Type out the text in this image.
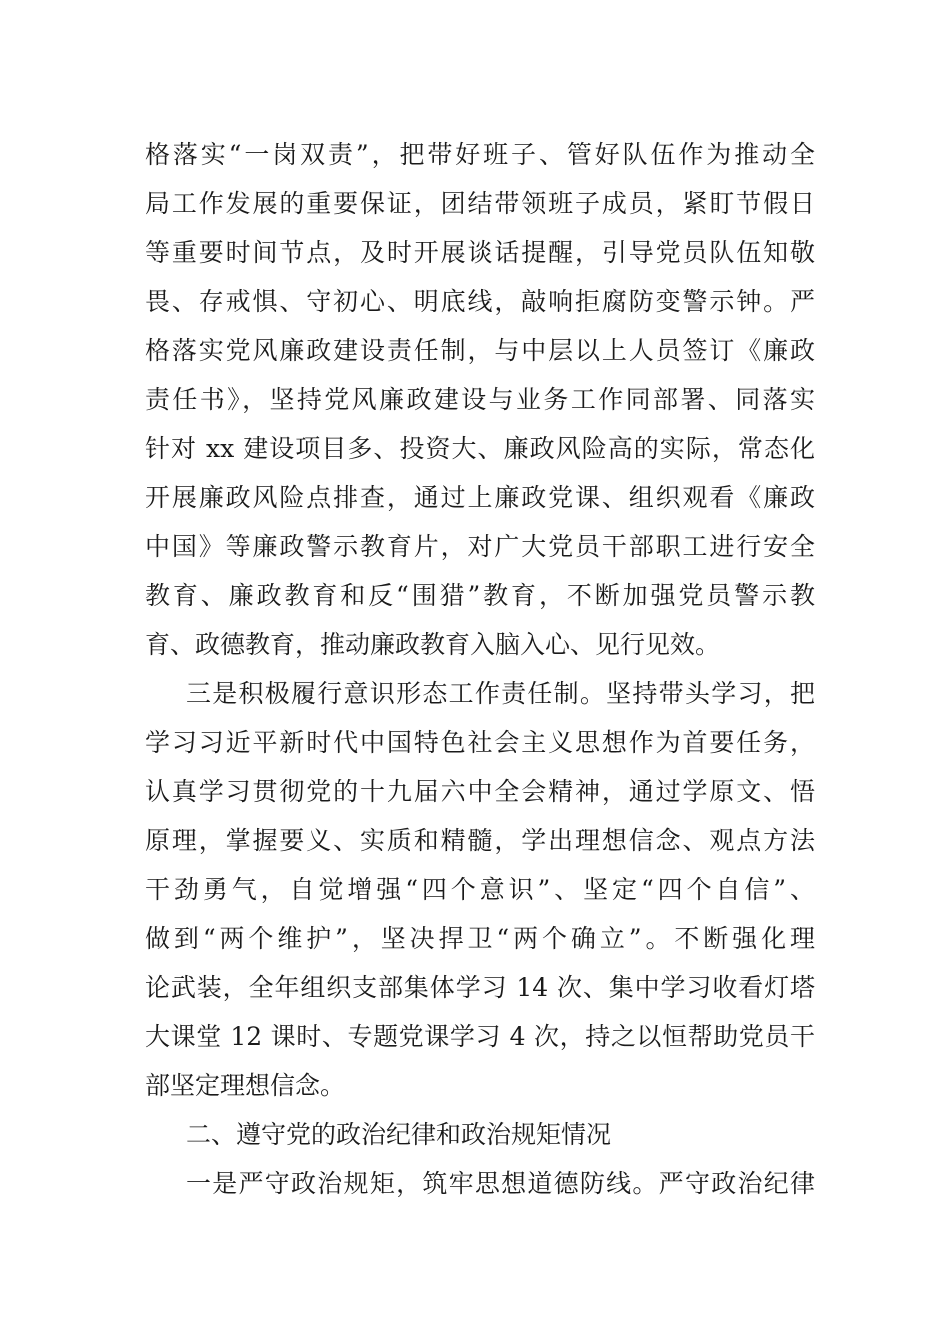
格落实“一岗双责”，把带好班子、管好队伍作为推动全
局工作发展的重要保证，团结带领班子成员，紧盯节假日
等重要时间节点，及时开展谈话提醒，引导党员队伍知敬
畏、存戒惧、守初心、明底线，敲响拒腐防变警示钟。严
格落实党风廉政建设责任制，与中层以上人员签订《廉政
责任书》，坚持党风廉政建设与业务工作同部署、同落实
针对 xx 建设项目多、投资大、廉政风险高的实际，常态化
开展廉政风险点排查，通过上廉政党课、组织观看《廉政
中国》等廉政警示教育片，对广大党员干部职工进行安全
教育、廉政教育和反“围猎”教育，不断加强党员警示教
育、政德教育，推动廉政教育入脑入心、见行见效。
三是积极履行意识形态工作责任制。坚持带头学习，把
学习习近平新时代中国特色社会主义思想作为首要任务，
认真学习贯彻党的十九届六中全会精神，通过学原文、悟
原理，掌握要义、实质和精髓，学出理想信念、观点方法
干劲勇气，自觉增强“四个意识”、坚定“四个自信”、
做到“两个维护”，坚决捍卫“两个确立”。不断强化理
论武装，全年组织支部集体学习 14 次、集中学习收看灯塔
大课堂 12 课时、专题党课学习 4 次，持之以恒帮助党员干
部坚定理想信念。
二、遵守党的政治纪律和政治规矩情况
一是严守政治规矩，筑牢思想道德防线。严守政治纪律
